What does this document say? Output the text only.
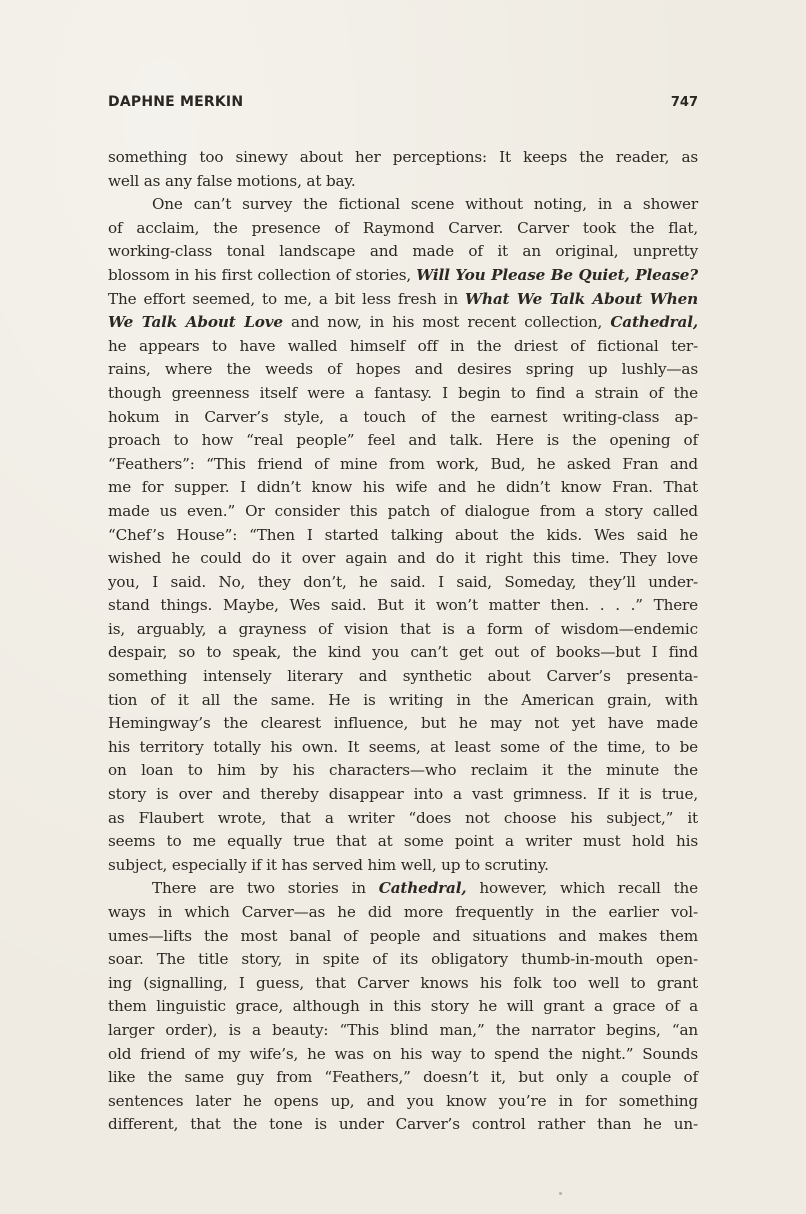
DAPHNE MERKIN	747
something too sinewy about her perceptions: It keeps the reader, as
well as any false motions, at bay.
One can’t survey the fictional scene without noting, in a shower
of acclaim, the presence of Raymond Carver. Carver took the flat,
working-class tonal landscape and made of it an original, unpretty
blossom in his first collection of stories, Will You Please Be Quiet, Please?
The effort seemed, to me, a bit less fresh in What We Talk About When
We Talk About Love and now, in his most recent collection, Cathedral,
he appears to have walled himself off in the driest of fictional ter-
rains, where the weeds of hopes and desires spring up lushly—as
though greenness itself were a fantasy. I begin to find a strain of the
hokum in Carver’s style, a touch of the earnest writing-class ap-
proach to how “real people” feel and talk. Here is the opening of
“Feathers”: “This friend of mine from work, Bud, he asked Fran and
me for supper. I didn’t know his wife and he didn’t know Fran. That
made us even.” Or consider this patch of dialogue from a story called
“Chef’s House”: “Then I started talking about the kids. Wes said he
wished he could do it over again and do it right this time. They love
you, I said. No, they don’t, he said. I said, Someday, they’ll under-
stand things. Maybe, Wes said. But it won’t matter then. . . .” There
is, arguably, a grayness of vision that is a form of wisdom—endemic
despair, so to speak, the kind you can’t get out of books—but I find
something intensely literary and synthetic about Carver’s presenta-
tion of it all the same. He is writing in the American grain, with
Hemingway’s the clearest influence, but he may not yet have made
his territory totally his own. It seems, at least some of the time, to be
on loan to him by his characters—who reclaim it the minute the
story is over and thereby disappear into a vast grimness. If it is true,
as Flaubert wrote, that a writer “does not choose his subject,” it
seems to me equally true that at some point a writer must hold his
subject, especially if it has served him well, up to scrutiny.
There are two stories in Cathedral, however, which recall the
ways in which Carver—as he did more frequently in the earlier vol-
umes—lifts the most banal of people and situations and makes them
soar. The title story, in spite of its obligatory thumb-in-mouth open-
ing (signalling, I guess, that Carver knows his folk too well to grant
them linguistic grace, although in this story he will grant a grace of a
larger order), is a beauty: “This blind man,” the narrator begins, “an
old friend of my wife’s, he was on his way to spend the night.” Sounds
like the same guy from “Feathers,” doesn’t it, but only a couple of
sentences later he opens up, and you know you’re in for something
different, that the tone is under Carver’s control rather than he un-
